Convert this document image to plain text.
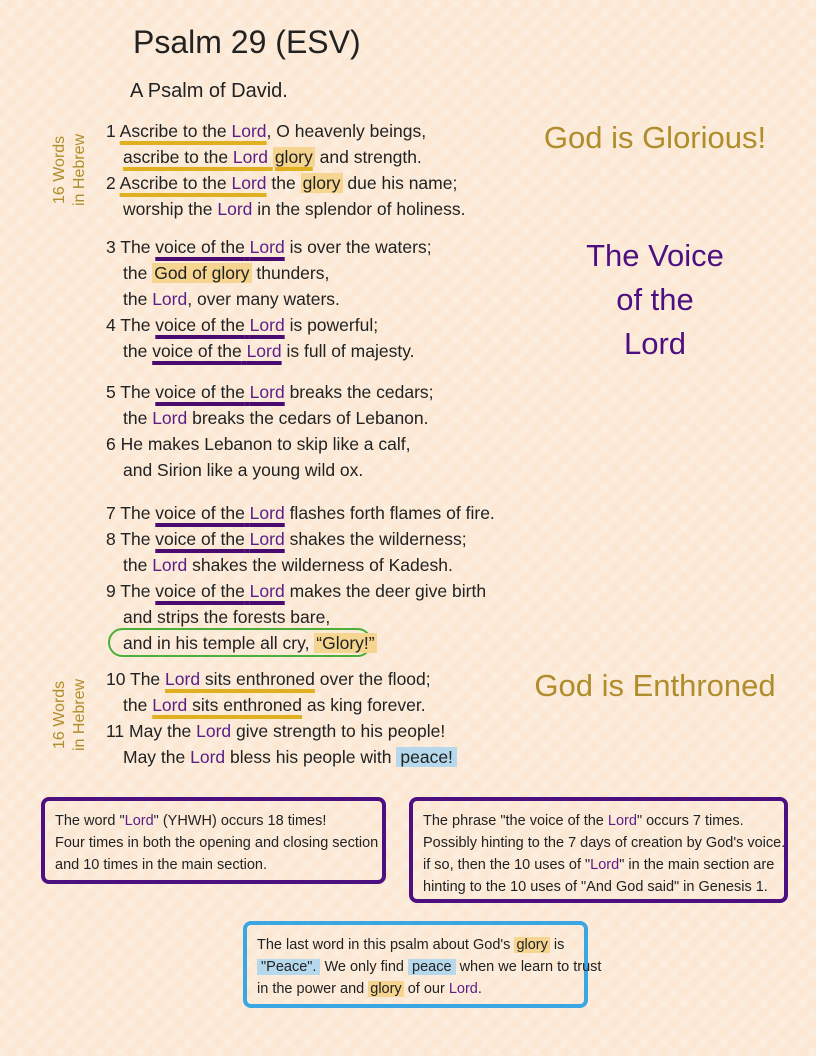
Psalm 29 (ESV)
A Psalm of David.
16 Words in Hebrew
16 Words in Hebrew
God is Glorious!
The Voice
of the
Lord
God is Enthroned
1 Ascribe to the Lord, O heavenly beings,
ascribe to the Lord glory and strength.
2 Ascribe to the Lord the glory due his name;
worship the Lord in the splendor of holiness.
3 The voice of the Lord is over the waters;
the God of glory thunders,
the Lord, over many waters.
4 The voice of the Lord is powerful;
the voice of the Lord is full of majesty.
5 The voice of the Lord breaks the cedars;
the Lord breaks the cedars of Lebanon.
6 He makes Lebanon to skip like a calf,
and Sirion like a young wild ox.
7 The voice of the Lord flashes forth flames of fire.
8 The voice of the Lord shakes the wilderness;
the Lord shakes the wilderness of Kadesh.
9 The voice of the Lord makes the deer give birth
and strips the forests bare,
and in his temple all cry, “Glory!”
10 The Lord sits enthroned over the flood;
the Lord sits enthroned as king forever.
11 May the Lord give strength to his people!
May the Lord bless his people with peace!

The word "Lord" (YHWH) occurs 18 times!

Four times in both the opening and closing section

and 10 times in the main section.

The phrase "the voice of the Lord" occurs 7 times.

Possibly hinting to the 7 days of creation by God's voice.

if so, then the 10 uses of "Lord" in the main section are

hinting to the 10 uses of "And God said" in Genesis 1.

The last word in this psalm about God's glory is

"Peace". We only find peace when we learn to trust

in the power and glory of our Lord.
